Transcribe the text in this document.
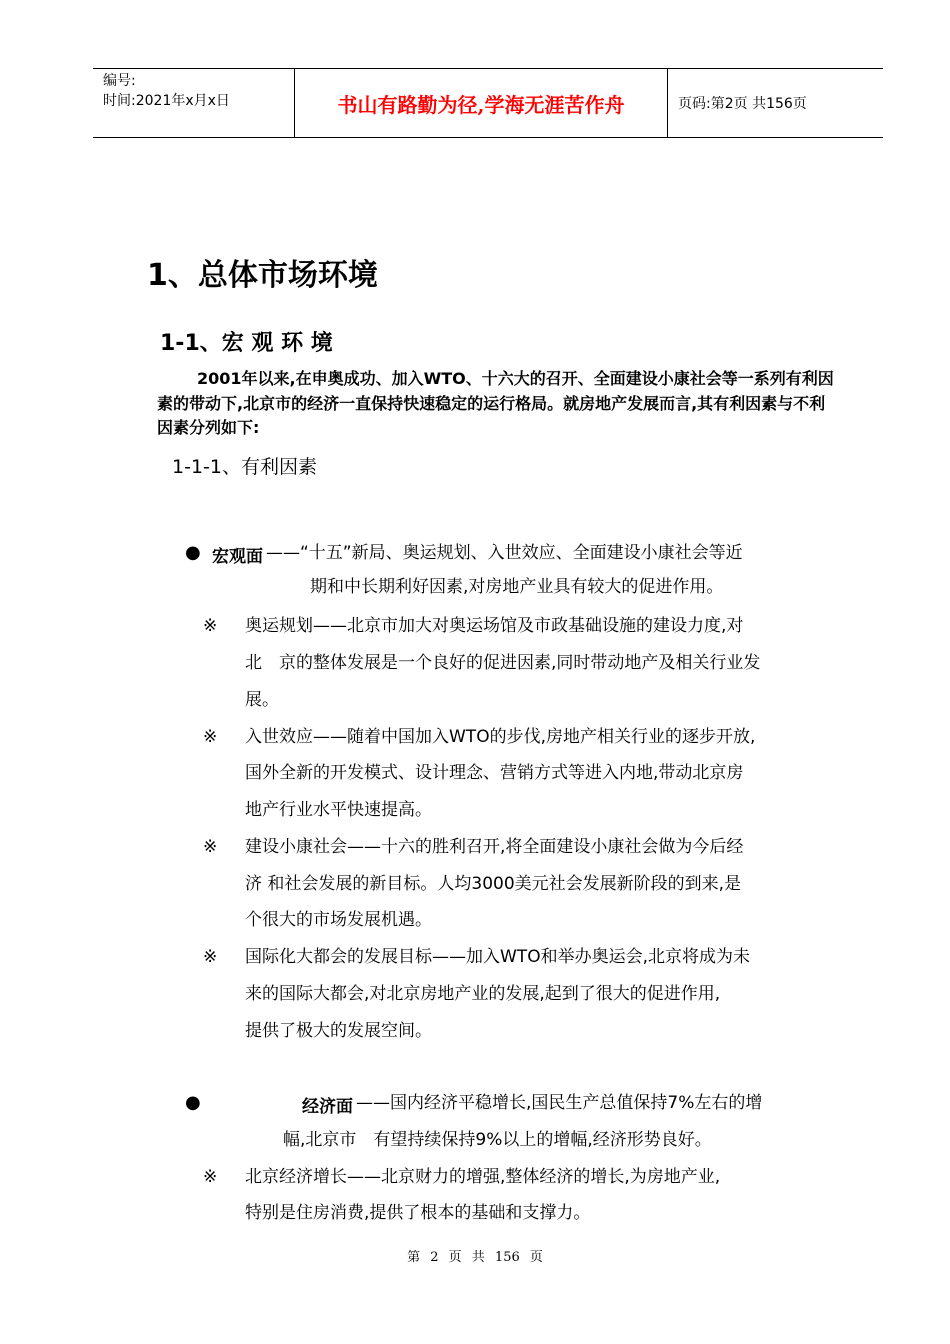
编号:
时间:2021年x月x日	书山有路勤为径,学海无涯苦作舟	页码:第2页 共156页
1、总体市场环境
1-1、宏 观 环 境
2001年以来,在申奥成功、加入WTO、十六大的召开、全面建设小康社会等一系列有利因素的带动下,北京市的经济一直保持快速稳定的运行格局。就房地产发展而言,其有利因素与不利因素分列如下:
1-1-1、有利因素
● 宏观面 ——“十五”新局、奥运规划、入世效应、全面建设小康社会等近
期和中长期利好因素,对房地产业具有较大的促进作用。
※ 奥运规划——北京市加大对奥运场馆及市政基础设施的建设力度,对
北　京的整体发展是一个良好的促进因素,同时带动地产及相关行业发
展。
※ 入世效应——随着中国加入WTO的步伐,房地产相关行业的逐步开放,
国外全新的开发模式、设计理念、营销方式等进入内地,带动北京房
地产行业水平快速提高。
※ 建设小康社会——十六的胜利召开,将全面建设小康社会做为今后经
济 和社会发展的新目标。人均3000美元社会发展新阶段的到来,是
个很大的市场发展机遇。
※ 国际化大都会的发展目标——加入WTO和举办奥运会,北京将成为未
来的国际大都会,对北京房地产业的发展,起到了很大的促进作用,
提供了极大的发展空间。
●	经济面 ——国内经济平稳增长,国民生产总值保持7%左右的增
幅,北京市　有望持续保持9%以上的增幅,经济形势良好。
※ 北京经济增长——北京财力的增强,整体经济的增长,为房地产业,
特别是住房消费,提供了根本的基础和支撑力。
第 2 页 共 156 页
